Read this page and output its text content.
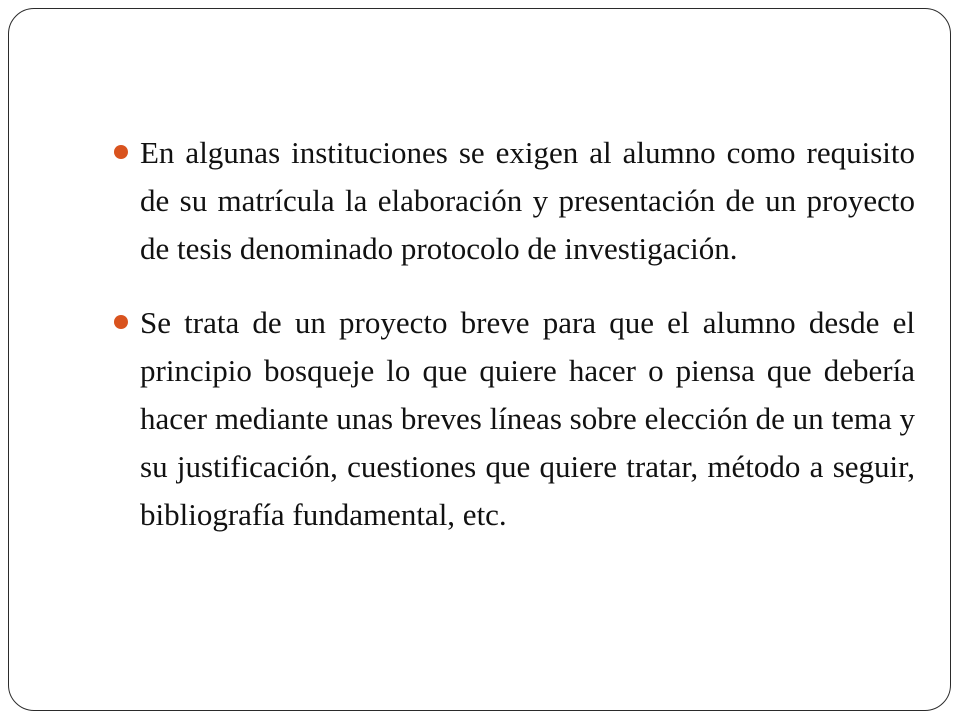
En algunas instituciones se exigen al alumno como requisito de su matrícula la elaboración y presentación de un proyecto de tesis denominado protocolo de investigación.
Se trata de un proyecto breve para que el alumno desde el principio bosqueje lo que quiere hacer o piensa que debería hacer mediante unas breves líneas sobre elección de un tema y su justificación, cuestiones que quiere tratar, método a seguir, bibliografía fundamental, etc.
